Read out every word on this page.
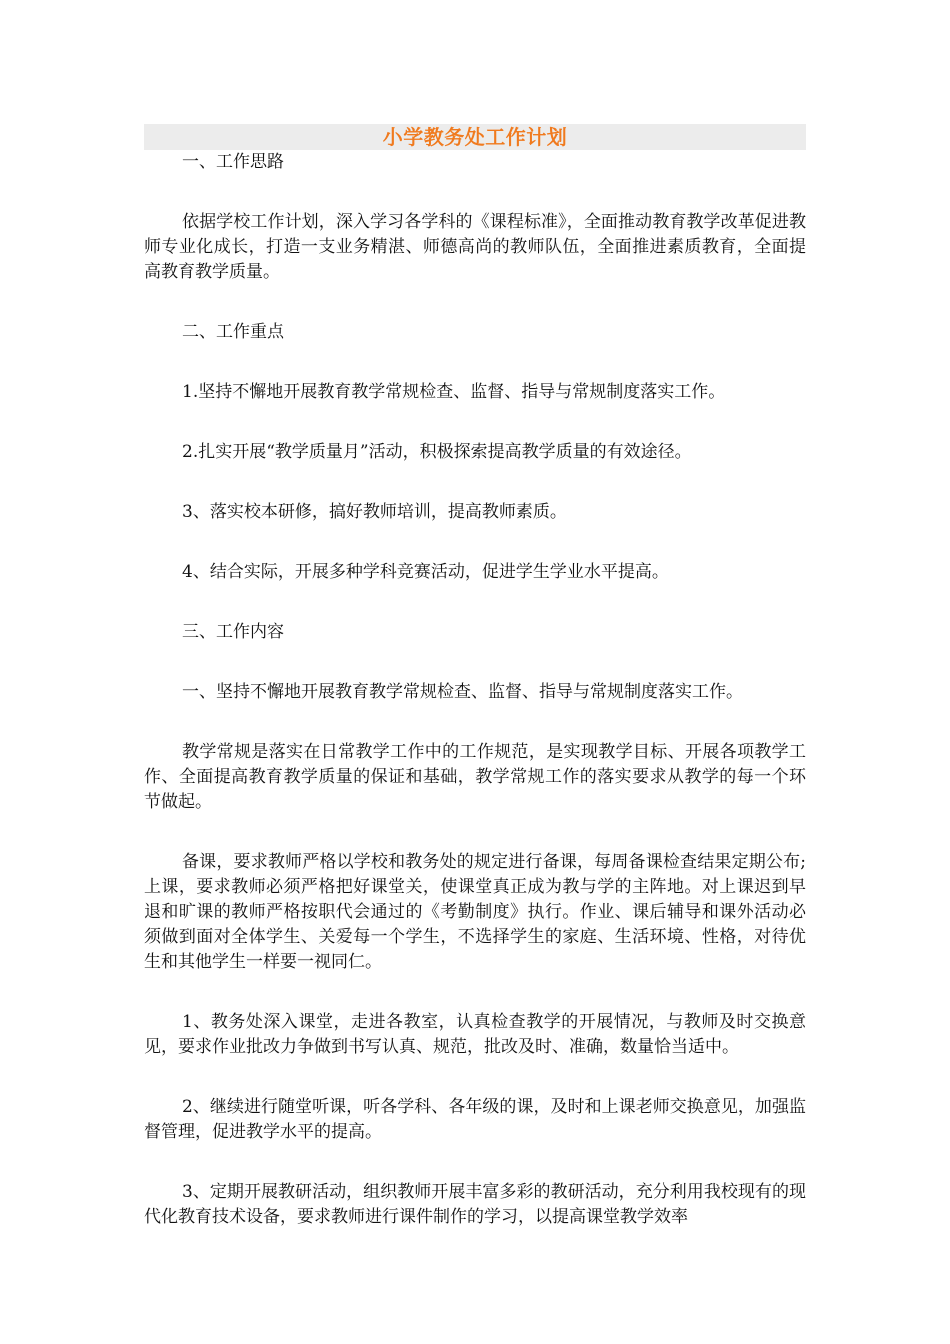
小学教务处工作计划

一、工作思路

依据学校工作计划，深入学习各学科的《课程标准》，全面推动教育教学改革促进教师专业化成长，打造一支业务精湛、师德高尚的教师队伍，全面推进素质教育，全面提高教育教学质量。

二、工作重点

1.坚持不懈地开展教育教学常规检查、监督、指导与常规制度落实工作。

2.扎实开展“教学质量月”活动，积极探索提高教学质量的有效途径。

3、落实校本研修，搞好教师培训，提高教师素质。

4、结合实际，开展多种学科竞赛活动，促进学生学业水平提高。

三、工作内容

一、坚持不懈地开展教育教学常规检查、监督、指导与常规制度落实工作。

教学常规是落实在日常教学工作中的工作规范，是实现教学目标、开展各项教学工作、全面提高教育教学质量的保证和基础，教学常规工作的落实要求从教学的每一个环节做起。

备课，要求教师严格以学校和教务处的规定进行备课，每周备课检查结果定期公布;上课，要求教师必须严格把好课堂关，使课堂真正成为教与学的主阵地。对上课迟到早退和旷课的教师严格按职代会通过的《考勤制度》执行。作业、课后辅导和课外活动必须做到面对全体学生、关爱每一个学生，不选择学生的家庭、生活环境、性格，对待优生和其他学生一样要一视同仁。

1、教务处深入课堂，走进各教室，认真检查教学的开展情况，与教师及时交换意见，要求作业批改力争做到书写认真、规范，批改及时、准确，数量恰当适中。

2、继续进行随堂听课，听各学科、各年级的课，及时和上课老师交换意见，加强监督管理，促进教学水平的提高。

3、定期开展教研活动，组织教师开展丰富多彩的教研活动，充分利用我校现有的现代化教育技术设备，要求教师进行课件制作的学习，以提高课堂教学效率
